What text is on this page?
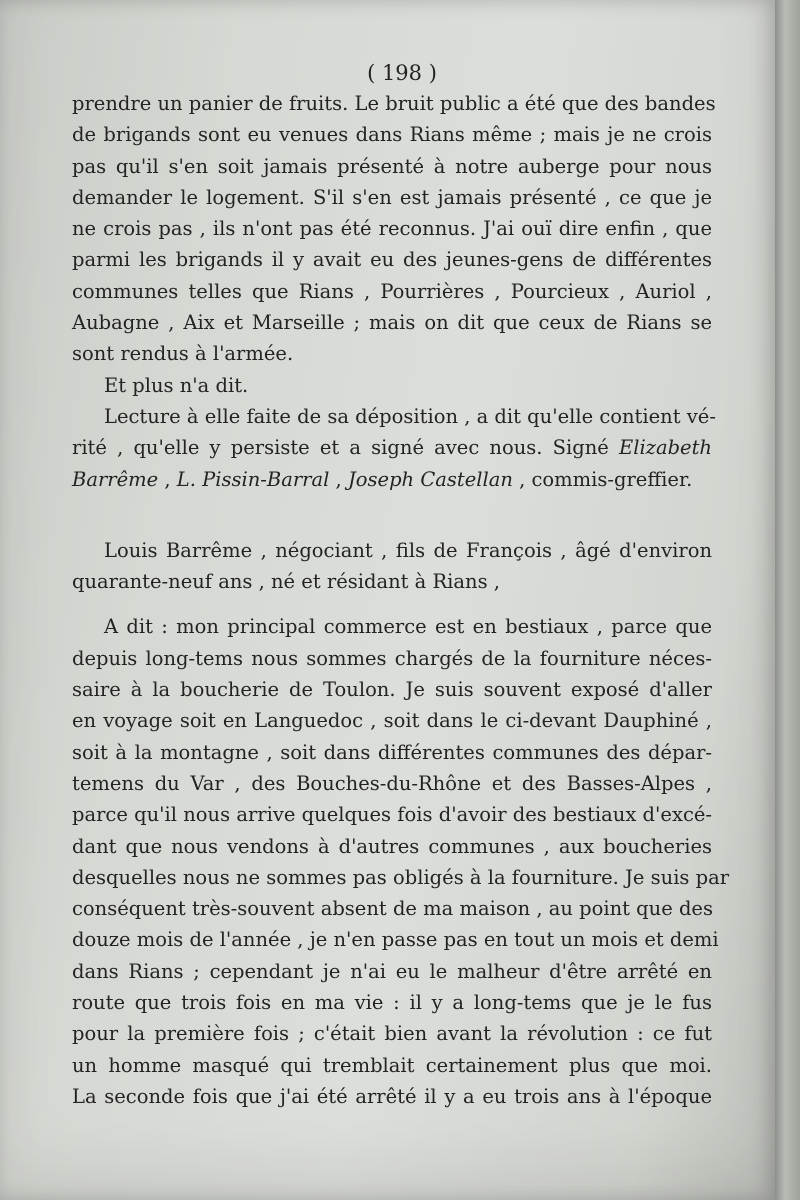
( 198 )
prendre un panier de fruits. Le bruit public a été que des bandes
de brigands sont eu venues dans Rians même ; mais je ne crois
pas qu'il s'en soit jamais présenté à notre auberge pour nous
demander le logement. S'il s'en est jamais présenté , ce que je
ne crois pas , ils n'ont pas été reconnus. J'ai ouï dire enfin , que
parmi les brigands il y avait eu des jeunes-gens de différentes
communes telles que Rians , Pourrières , Pourcieux , Auriol ,
Aubagne , Aix et Marseille ; mais on dit que ceux de Rians se
sont rendus à l'armée.
Et plus n'a dit.
Lecture à elle faite de sa déposition , a dit qu'elle contient vé-
rité , qu'elle y persiste et a signé avec nous. Signé Elizabeth
Barrême , L. Pissin-Barral , Joseph Castellan , commis-greffier.
Louis Barrême , négociant , fils de François , âgé d'environ
quarante-neuf ans , né et résidant à Rians ,
A dit : mon principal commerce est en bestiaux , parce que
depuis long-tems nous sommes chargés de la fourniture néces-
saire à la boucherie de Toulon. Je suis souvent exposé d'aller
en voyage soit en Languedoc , soit dans le ci-devant Dauphiné ,
soit à la montagne , soit dans différentes communes des dépar-
temens du Var , des Bouches-du-Rhône et des Basses-Alpes ,
parce qu'il nous arrive quelques fois d'avoir des bestiaux d'excé-
dant que nous vendons à d'autres communes , aux boucheries
desquelles nous ne sommes pas obligés à la fourniture. Je suis par
conséquent très-souvent absent de ma maison , au point que des
douze mois de l'année , je n'en passe pas en tout un mois et demi
dans Rians ; cependant je n'ai eu le malheur d'être arrêté en
route que trois fois en ma vie : il y a long-tems que je le fus
pour la première fois ; c'était bien avant la révolution : ce fut
un homme masqué qui tremblait certainement plus que moi.
La seconde fois que j'ai été arrêté il y a eu trois ans à l'époque
